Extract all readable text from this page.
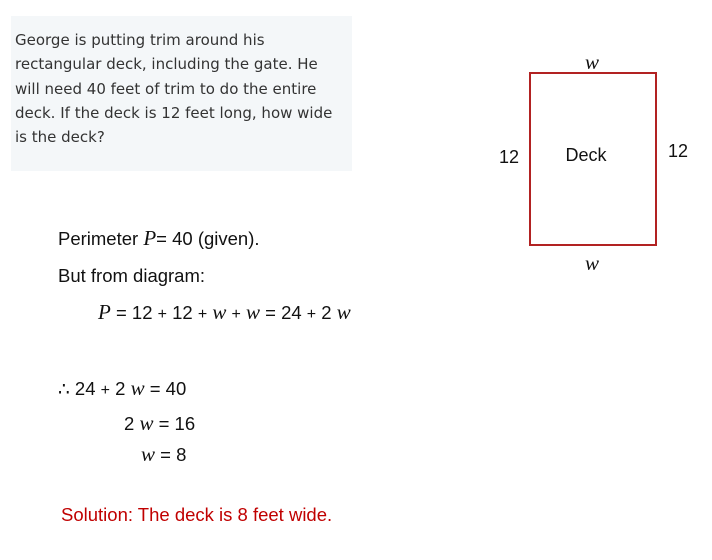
George is putting trim around his rectangular deck, including the gate. He will need 40 feet of trim to do the entire deck. If the deck is 12 feet long, how wide is the deck?
w
w
12	12
Deck
Perimeter P= 40 (given).
But from diagram:
P = 12 + 12 + w + w = 24 + 2 w
∴ 24 + 2 w = 40
2 w = 16
w = 8
Solution: The deck is 8 feet wide.
